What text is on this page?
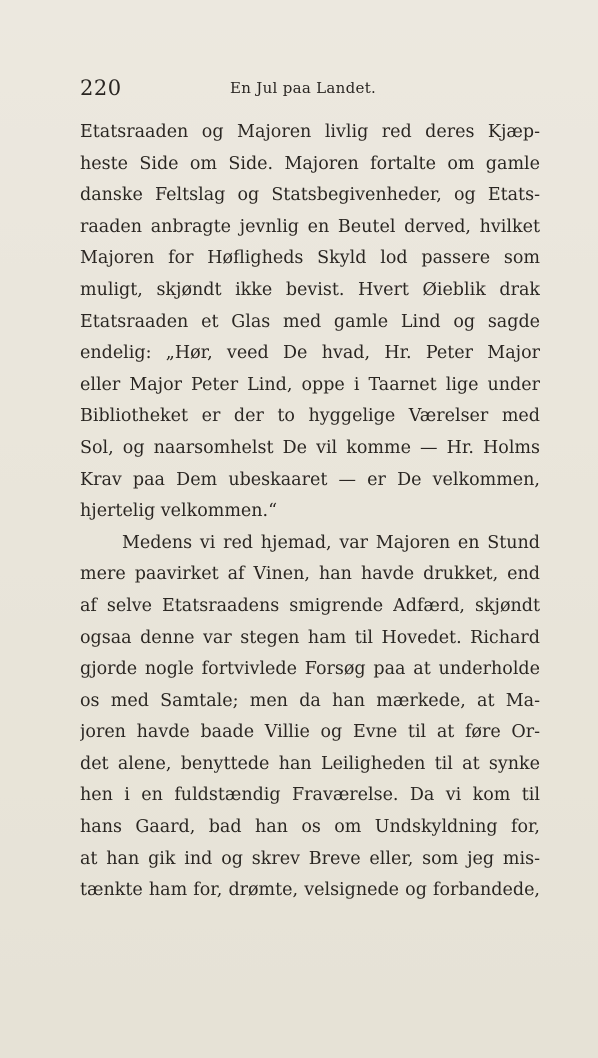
220	En Jul paa Landet.
Etatsraaden og Majoren livlig red deres Kjæp-
heste Side om Side. Majoren fortalte om gamle
danske Feltslag og Statsbegivenheder, og Etats-
raaden anbragte jevnlig en Beutel derved, hvilket
Majoren for Høfligheds Skyld lod passere som
muligt, skjøndt ikke bevist. Hvert Øieblik drak
Etatsraaden et Glas med gamle Lind og sagde
endelig: „Hør, veed De hvad, Hr. Peter Major
eller Major Peter Lind, oppe i Taarnet lige under
Bibliotheket er der to hyggelige Værelser med
Sol, og naarsomhelst De vil komme — Hr. Holms
Krav paa Dem ubeskaaret — er De velkommen,
hjertelig velkommen.“
Medens vi red hjemad, var Majoren en Stund
mere paavirket af Vinen, han havde drukket, end
af selve Etatsraadens smigrende Adfærd, skjøndt
ogsaa denne var stegen ham til Hovedet. Richard
gjorde nogle fortvivlede Forsøg paa at underholde
os med Samtale; men da han mærkede, at Ma-
joren havde baade Villie og Evne til at føre Or-
det alene, benyttede han Leiligheden til at synke
hen i en fuldstændig Fraværelse. Da vi kom til
hans Gaard, bad han os om Undskyldning for,
at han gik ind og skrev Breve eller, som jeg mis-
tænkte ham for, drømte, velsignede og forbandede,
